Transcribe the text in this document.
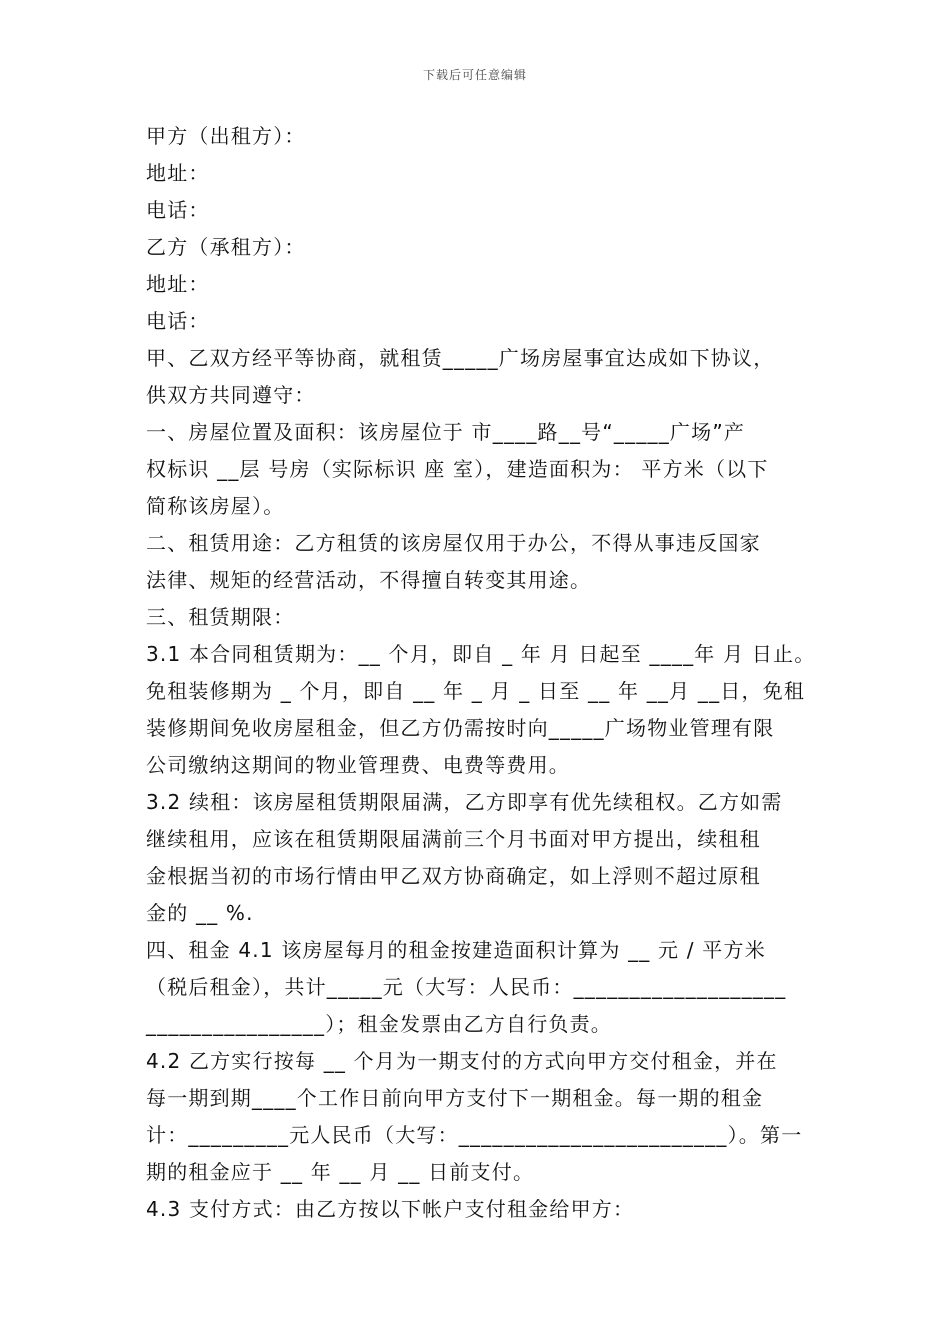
下载后可任意编辑
甲方（出租方）：
地址：
电话：
乙方（承租方）：
地址：
电话：
甲、乙双方经平等协商，就租赁_____广场房屋事宜达成如下协议，
供双方共同遵守：
一、房屋位置及面积：该房屋位于 市____路__号“_____广场”产
权标识 __层 号房（实际标识 座 室），建造面积为： 平方米（以下
简称该房屋）。
二、租赁用途：乙方租赁的该房屋仅用于办公，不得从事违反国家
法律、规矩的经营活动，不得擅自转变其用途。
三、租赁期限：
3.1 本合同租赁期为：__ 个月，即自 _ 年 月 日起至 ____年 月 日止。
免租装修期为 _ 个月，即自 __ 年 _ 月 _ 日至 __ 年 __月 __日，免租
装修期间免收房屋租金，但乙方仍需按时向_____广场物业管理有限
公司缴纳这期间的物业管理费、电费等费用。
3.2 续租：该房屋租赁期限届满，乙方即享有优先续租权。乙方如需
继续租用，应该在租赁期限届满前三个月书面对甲方提出，续租租
金根据当初的市场行情由甲乙双方协商确定，如上浮则不超过原租
金的 __ %.
四、租金 4.1 该房屋每月的租金按建造面积计算为 __ 元 / 平方米
（税后租金），共计_____元（大写：人民币：___________________
________________）；租金发票由乙方自行负责。
4.2 乙方实行按每 __ 个月为一期支付的方式向甲方交付租金，并在
每一期到期____个工作日前向甲方支付下一期租金。每一期的租金
计：_________元人民币（大写：________________________）。第一
期的租金应于 __ 年 __ 月 __ 日前支付。
4.3 支付方式：由乙方按以下帐户支付租金给甲方：
